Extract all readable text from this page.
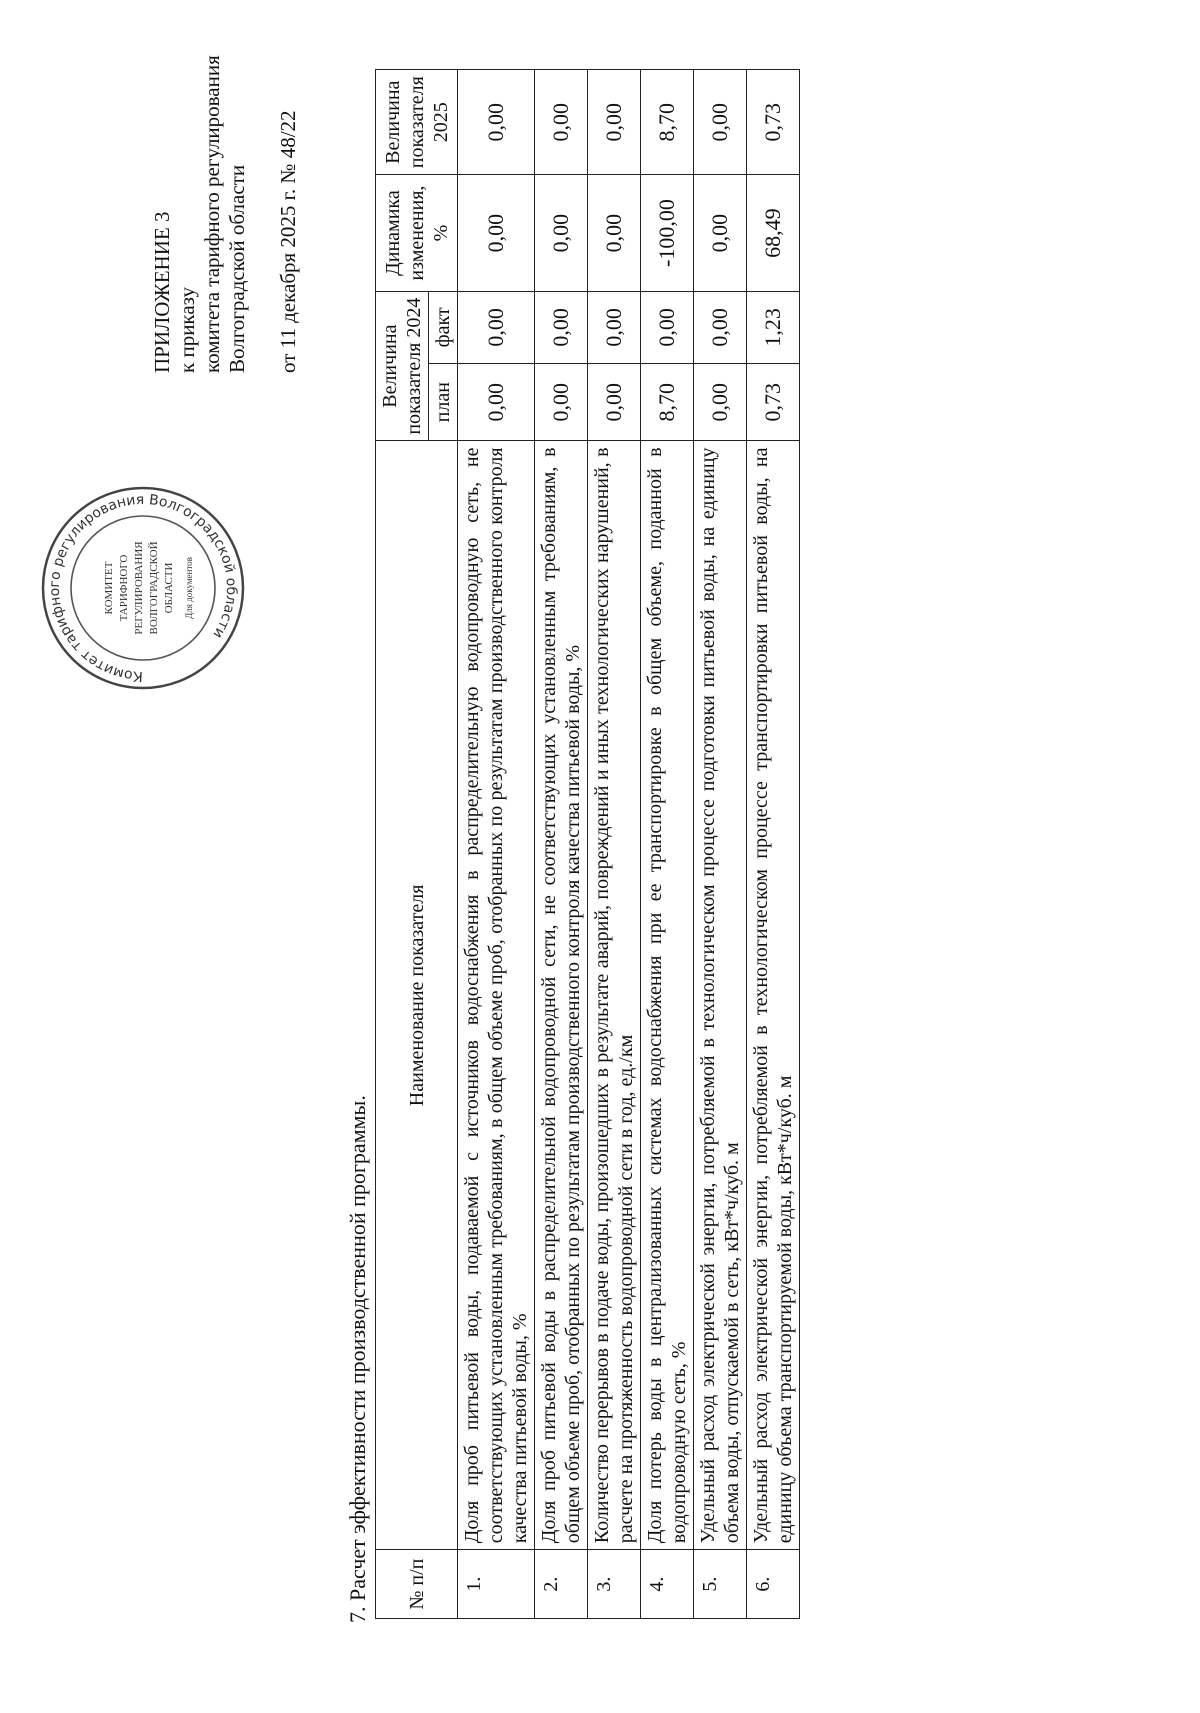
Комитет тарифного регулирования Волгоградской области
КОМИТЕТ ТАРИФНОГО РЕГУЛИРОВАНИЯ ВОЛГОГРАДСКОЙ ОБЛАСТИ Для документов
ПРИЛОЖЕНИЕ 3 к приказу комитета тарифного регулирования Волгоградской области от 11 декабря 2025 г. № 48/22
7. Расчет эффективности производственной программы. № п/п	Наименование показателя	Величина показателя 2024		Динамика изменения, %	Величина показателя 2025
		план	факт		
1.	Доля проб питьевой воды, подаваемой с источников водоснабжения в распределительную водопроводную сеть, не соответствующих установленным требованиям, в общем объеме проб, отобранных по результатам производственного контроля качества питьевой воды, %	0,00	0,00	0,00	0,00
2.	Доля проб питьевой воды в распределительной водопроводной сети, не соответствующих установленным требованиям, в общем объеме проб, отобранных по результатам производственного контроля качества питьевой воды, %	0,00	0,00	0,00	0,00
3.	Количество перерывов в подаче воды, произошедших в результате аварий, повреждений и иных технологических нарушений, в расчете на протяженность водопроводной сети в год, ед./км	0,00	0,00	0,00	0,00
4.	Доля потерь воды в централизованных системах водоснабжения при ее транспортировке в общем объеме, поданной в водопроводную сеть, %	8,70	0,00	-100,00	8,70
5.	Удельный расход электрической энергии, потребляемой в технологическом процессе подготовки питьевой воды, на единицу объема воды, отпускаемой в сеть, кВт*ч/куб. м	0,00	0,00	0,00	0,00
6.	Удельный расход электрической энергии, потребляемой в технологическом процессе транспортировки питьевой воды, на единицу объема транспортируемой воды, кВт*ч/куб. м	0,73	1,23	68,49	0,73
